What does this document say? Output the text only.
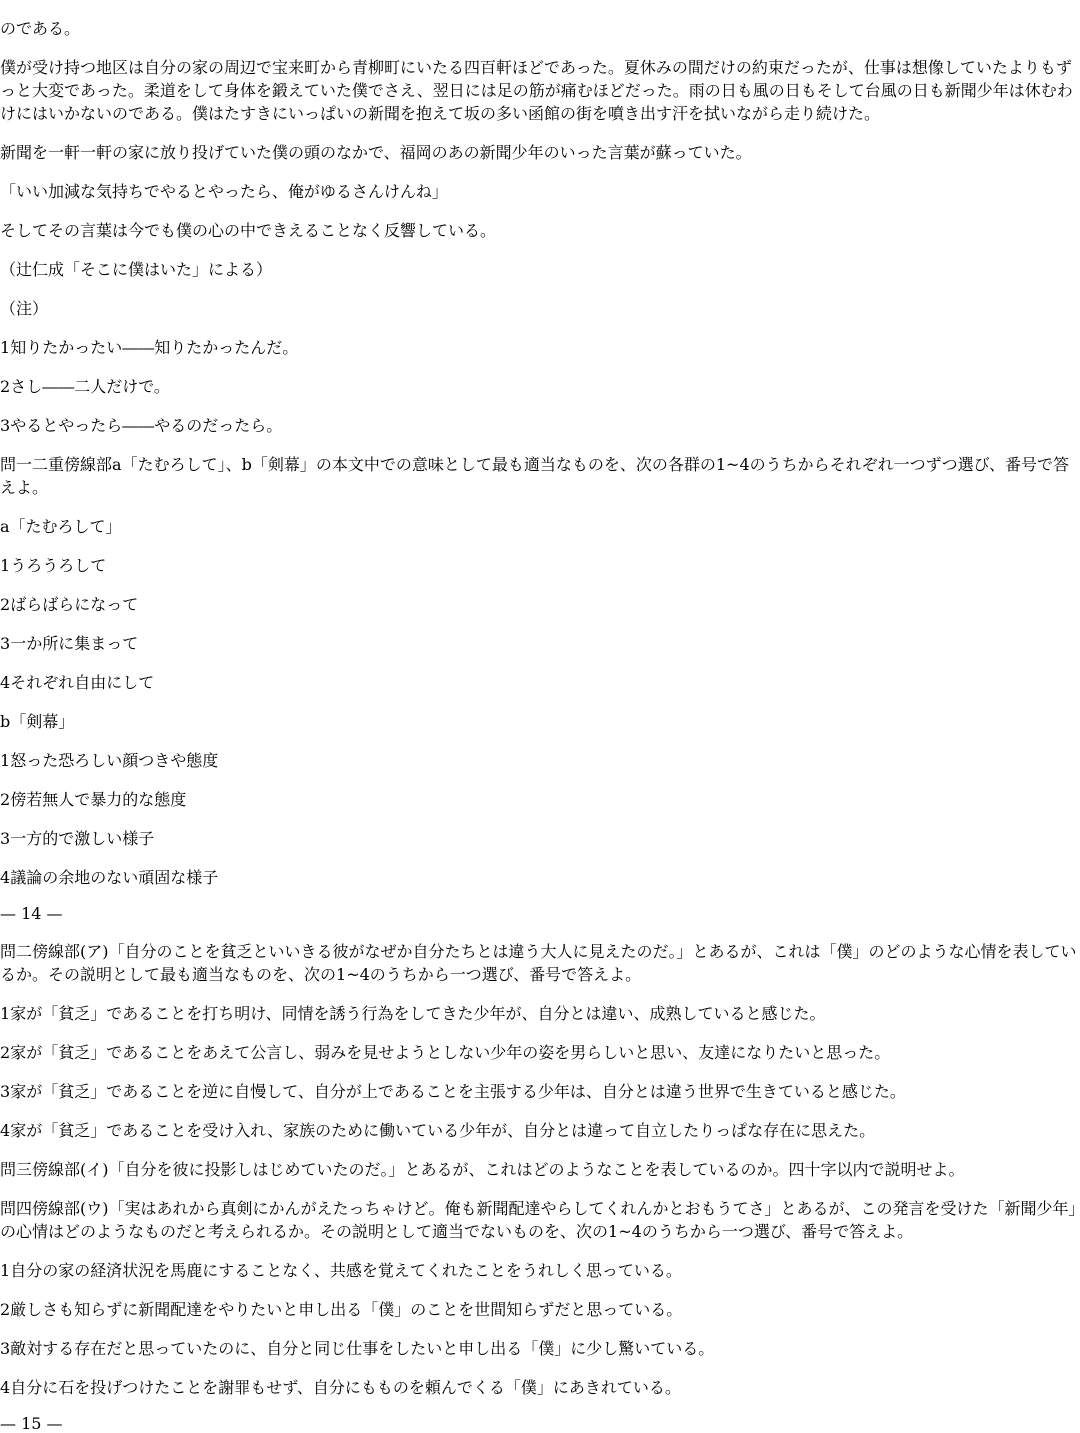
のである。

僕が受け持つ地区は自分の家の周辺で宝来町から青柳町にいたる四百軒ほどであった。夏休みの間だけの約束だったが、仕事は想像していたよりもずっと大変であった。柔道をして身体を鍛えていた僕でさえ、翌日には足の筋が痛むほどだった。雨の日も風の日もそして台風の日も新聞少年は休むわけにはいかないのである。僕はたすきにいっぱいの新聞を抱えて坂の多い函館の街を噴き出す汗を拭いながら走り続けた。

新聞を一軒一軒の家に放り投げていた僕の頭のなかで、福岡のあの新聞少年のいった言葉が蘇っていた。

「いい加減な気持ちでやるとやったら、俺がゆるさんけんね」

そしてその言葉は今でも僕の心の中できえることなく反響している。

（辻仁成「そこに僕はいた」による）

（注）

1知りたかったい――知りたかったんだ。

2さし――二人だけで。

3やるとやったら――やるのだったら。

問一二重傍線部a「たむろして」、b「剣幕」の本文中での意味として最も適当なものを、次の各群の1~4のうちからそれぞれ一つずつ選び、番号で答えよ。

a「たむろして」

1うろうろして

2ばらばらになって

3一か所に集まって

4それぞれ自由にして

b「剣幕」

1怒った恐ろしい顔つきや態度

2傍若無人で暴力的な態度

3一方的で激しい様子

4議論の余地のない頑固な様子

— 14 —

問二傍線部(ア)「自分のことを貧乏といいきる彼がなぜか自分たちとは違う大人に見えたのだ。」とあるが、これは「僕」のどのような心情を表しているか。その説明として最も適当なものを、次の1~4のうちから一つ選び、番号で答えよ。

1家が「貧乏」であることを打ち明け、同情を誘う行為をしてきた少年が、自分とは違い、成熟していると感じた。

2家が「貧乏」であることをあえて公言し、弱みを見せようとしない少年の姿を男らしいと思い、友達になりたいと思った。

3家が「貧乏」であることを逆に自慢して、自分が上であることを主張する少年は、自分とは違う世界で生きていると感じた。

4家が「貧乏」であることを受け入れ、家族のために働いている少年が、自分とは違って自立したりっぱな存在に思えた。

問三傍線部(イ)「自分を彼に投影しはじめていたのだ。」とあるが、これはどのようなことを表しているのか。四十字以内で説明せよ。

問四傍線部(ウ)「実はあれから真剣にかんがえたっちゃけど。俺も新聞配達やらしてくれんかとおもうてさ」とあるが、この発言を受けた「新聞少年」の心情はどのようなものだと考えられるか。その説明として適当でないものを、次の1~4のうちから一つ選び、番号で答えよ。

1自分の家の経済状況を馬鹿にすることなく、共感を覚えてくれたことをうれしく思っている。

2厳しさも知らずに新聞配達をやりたいと申し出る「僕」のことを世間知らずだと思っている。

3敵対する存在だと思っていたのに、自分と同じ仕事をしたいと申し出る「僕」に少し驚いている。

4自分に石を投げつけたことを謝罪もせず、自分にもものを頼んでくる「僕」にあきれている。

— 15 —
